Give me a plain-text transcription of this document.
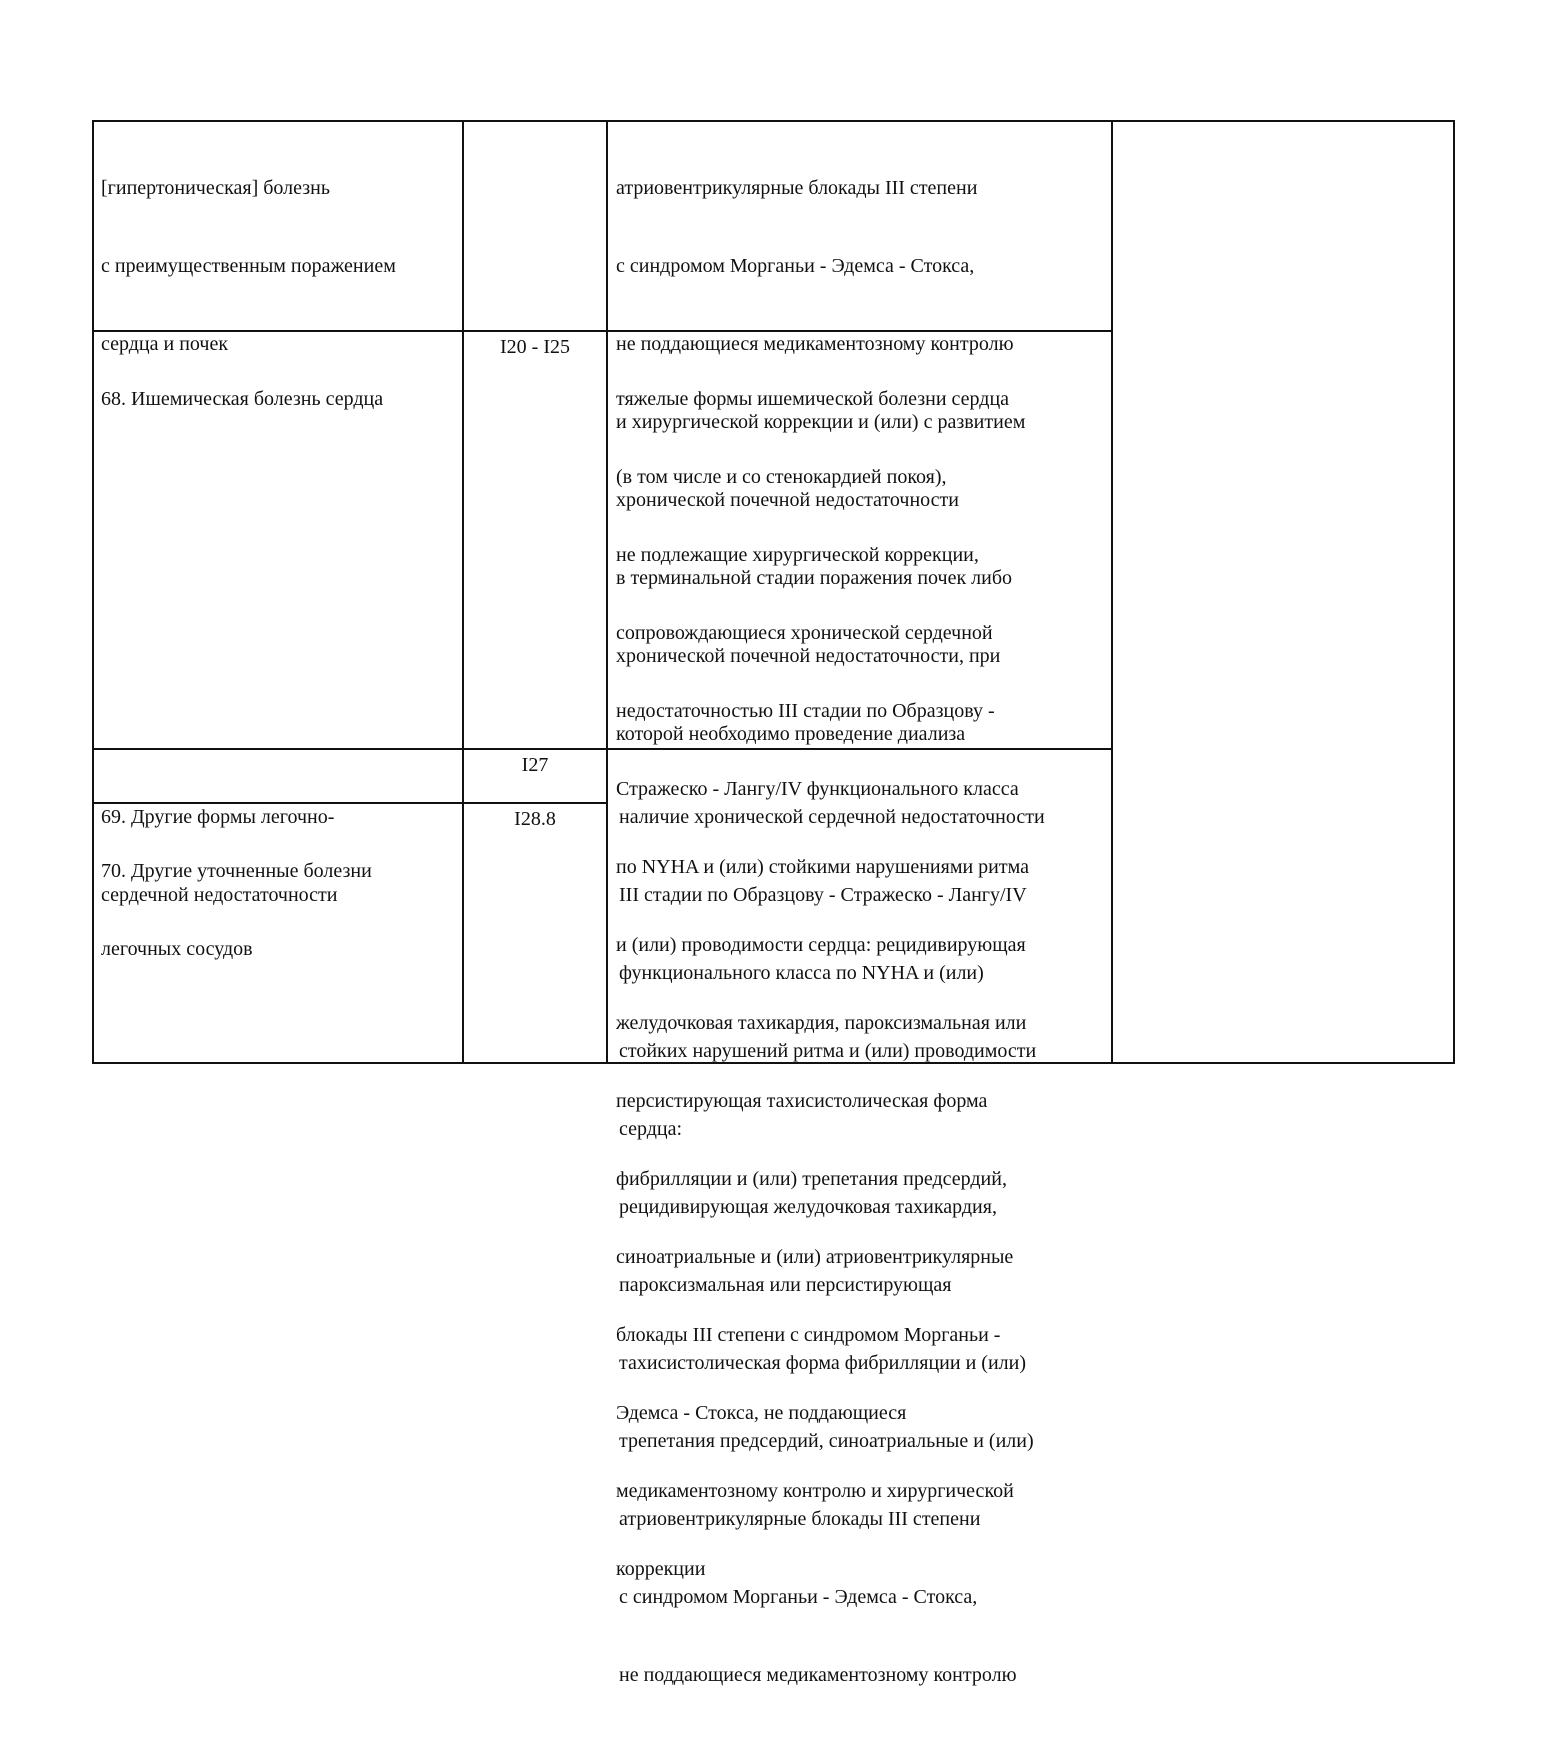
[гипертоническая] болезнь

с преимущественным поражением

сердца и почек

атриовентрикулярные блокады III степени

с синдромом Морганьи - Эдемса - Стокса,

не поддающиеся медикаментозному контролю

и хирургической коррекции и (или) с развитием

хронической почечной недостаточности

в терминальной стадии поражения почек либо

хронической почечной недостаточности, при

которой необходимо проведение диализа

68. Ишемическая болезнь сердца

I20 - I25

тяжелые формы ишемической болезни сердца

(в том числе и со стенокардией покоя),

не подлежащие хирургической коррекции,

сопровождающиеся хронической сердечной

недостаточностью III стадии по Образцову -

Стражеско - Лангу/IV функционального класса

по NYHA и (или) стойкими нарушениями ритма

и (или) проводимости сердца: рецидивирующая

желудочковая тахикардия, пароксизмальная или

персистирующая тахисистолическая форма

фибрилляции и (или) трепетания предсердий,

синоатриальные и (или) атриовентрикулярные

блокады III степени с синдромом Морганьи -

Эдемса - Стокса, не поддающиеся

медикаментозному контролю и хирургической

коррекции

69. Другие формы легочно-

сердечной недостаточности

I27

70. Другие уточненные болезни

легочных сосудов

I28.8

	наличие хронической сердечной недостаточности

III стадии по Образцову - Стражеско - Лангу/IV

функционального класса по NYHA и (или)

стойких нарушений ритма и (или) проводимости

сердца:

рецидивирующая желудочковая тахикардия,

пароксизмальная или персистирующая

тахисистолическая форма фибрилляции и (или)

трепетания предсердий, синоатриальные и (или)

атриовентрикулярные блокады III степени

с синдромом Морганьи - Эдемса - Стокса,

не поддающиеся медикаментозному контролю
